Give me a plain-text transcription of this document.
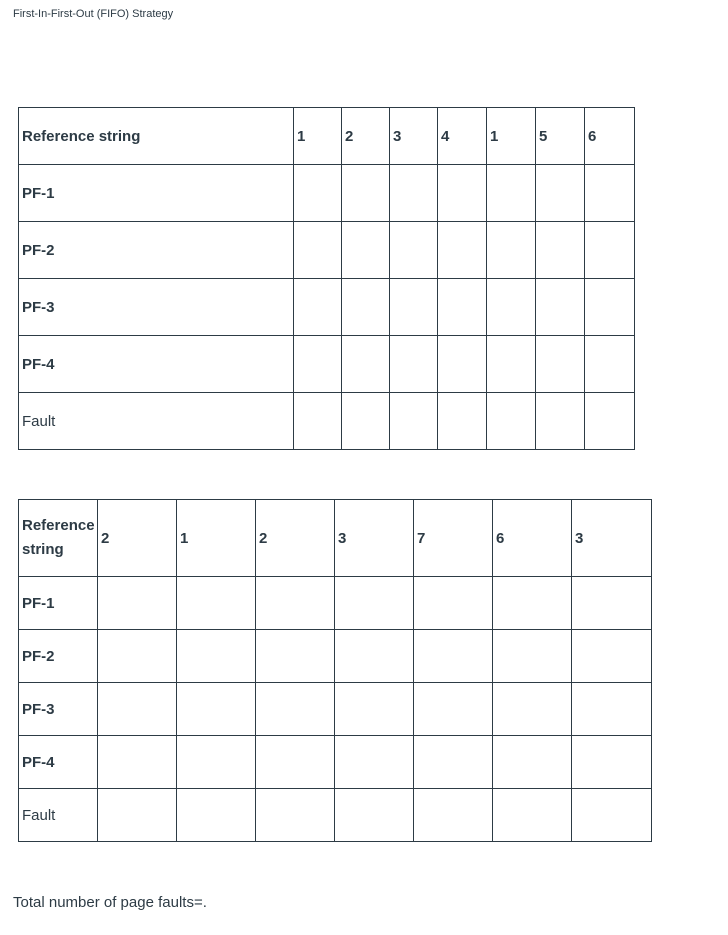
First-In-First-Out (FIFO) Strategy
Reference string	1	2	3	4	1	5	6
PF-1							
PF-2							
PF-3							
PF-4							
Fault							
Reference string	2	1	2	3	7	6	3
PF-1							
PF-2							
PF-3							
PF-4							
Fault							
Total number of page faults=.
